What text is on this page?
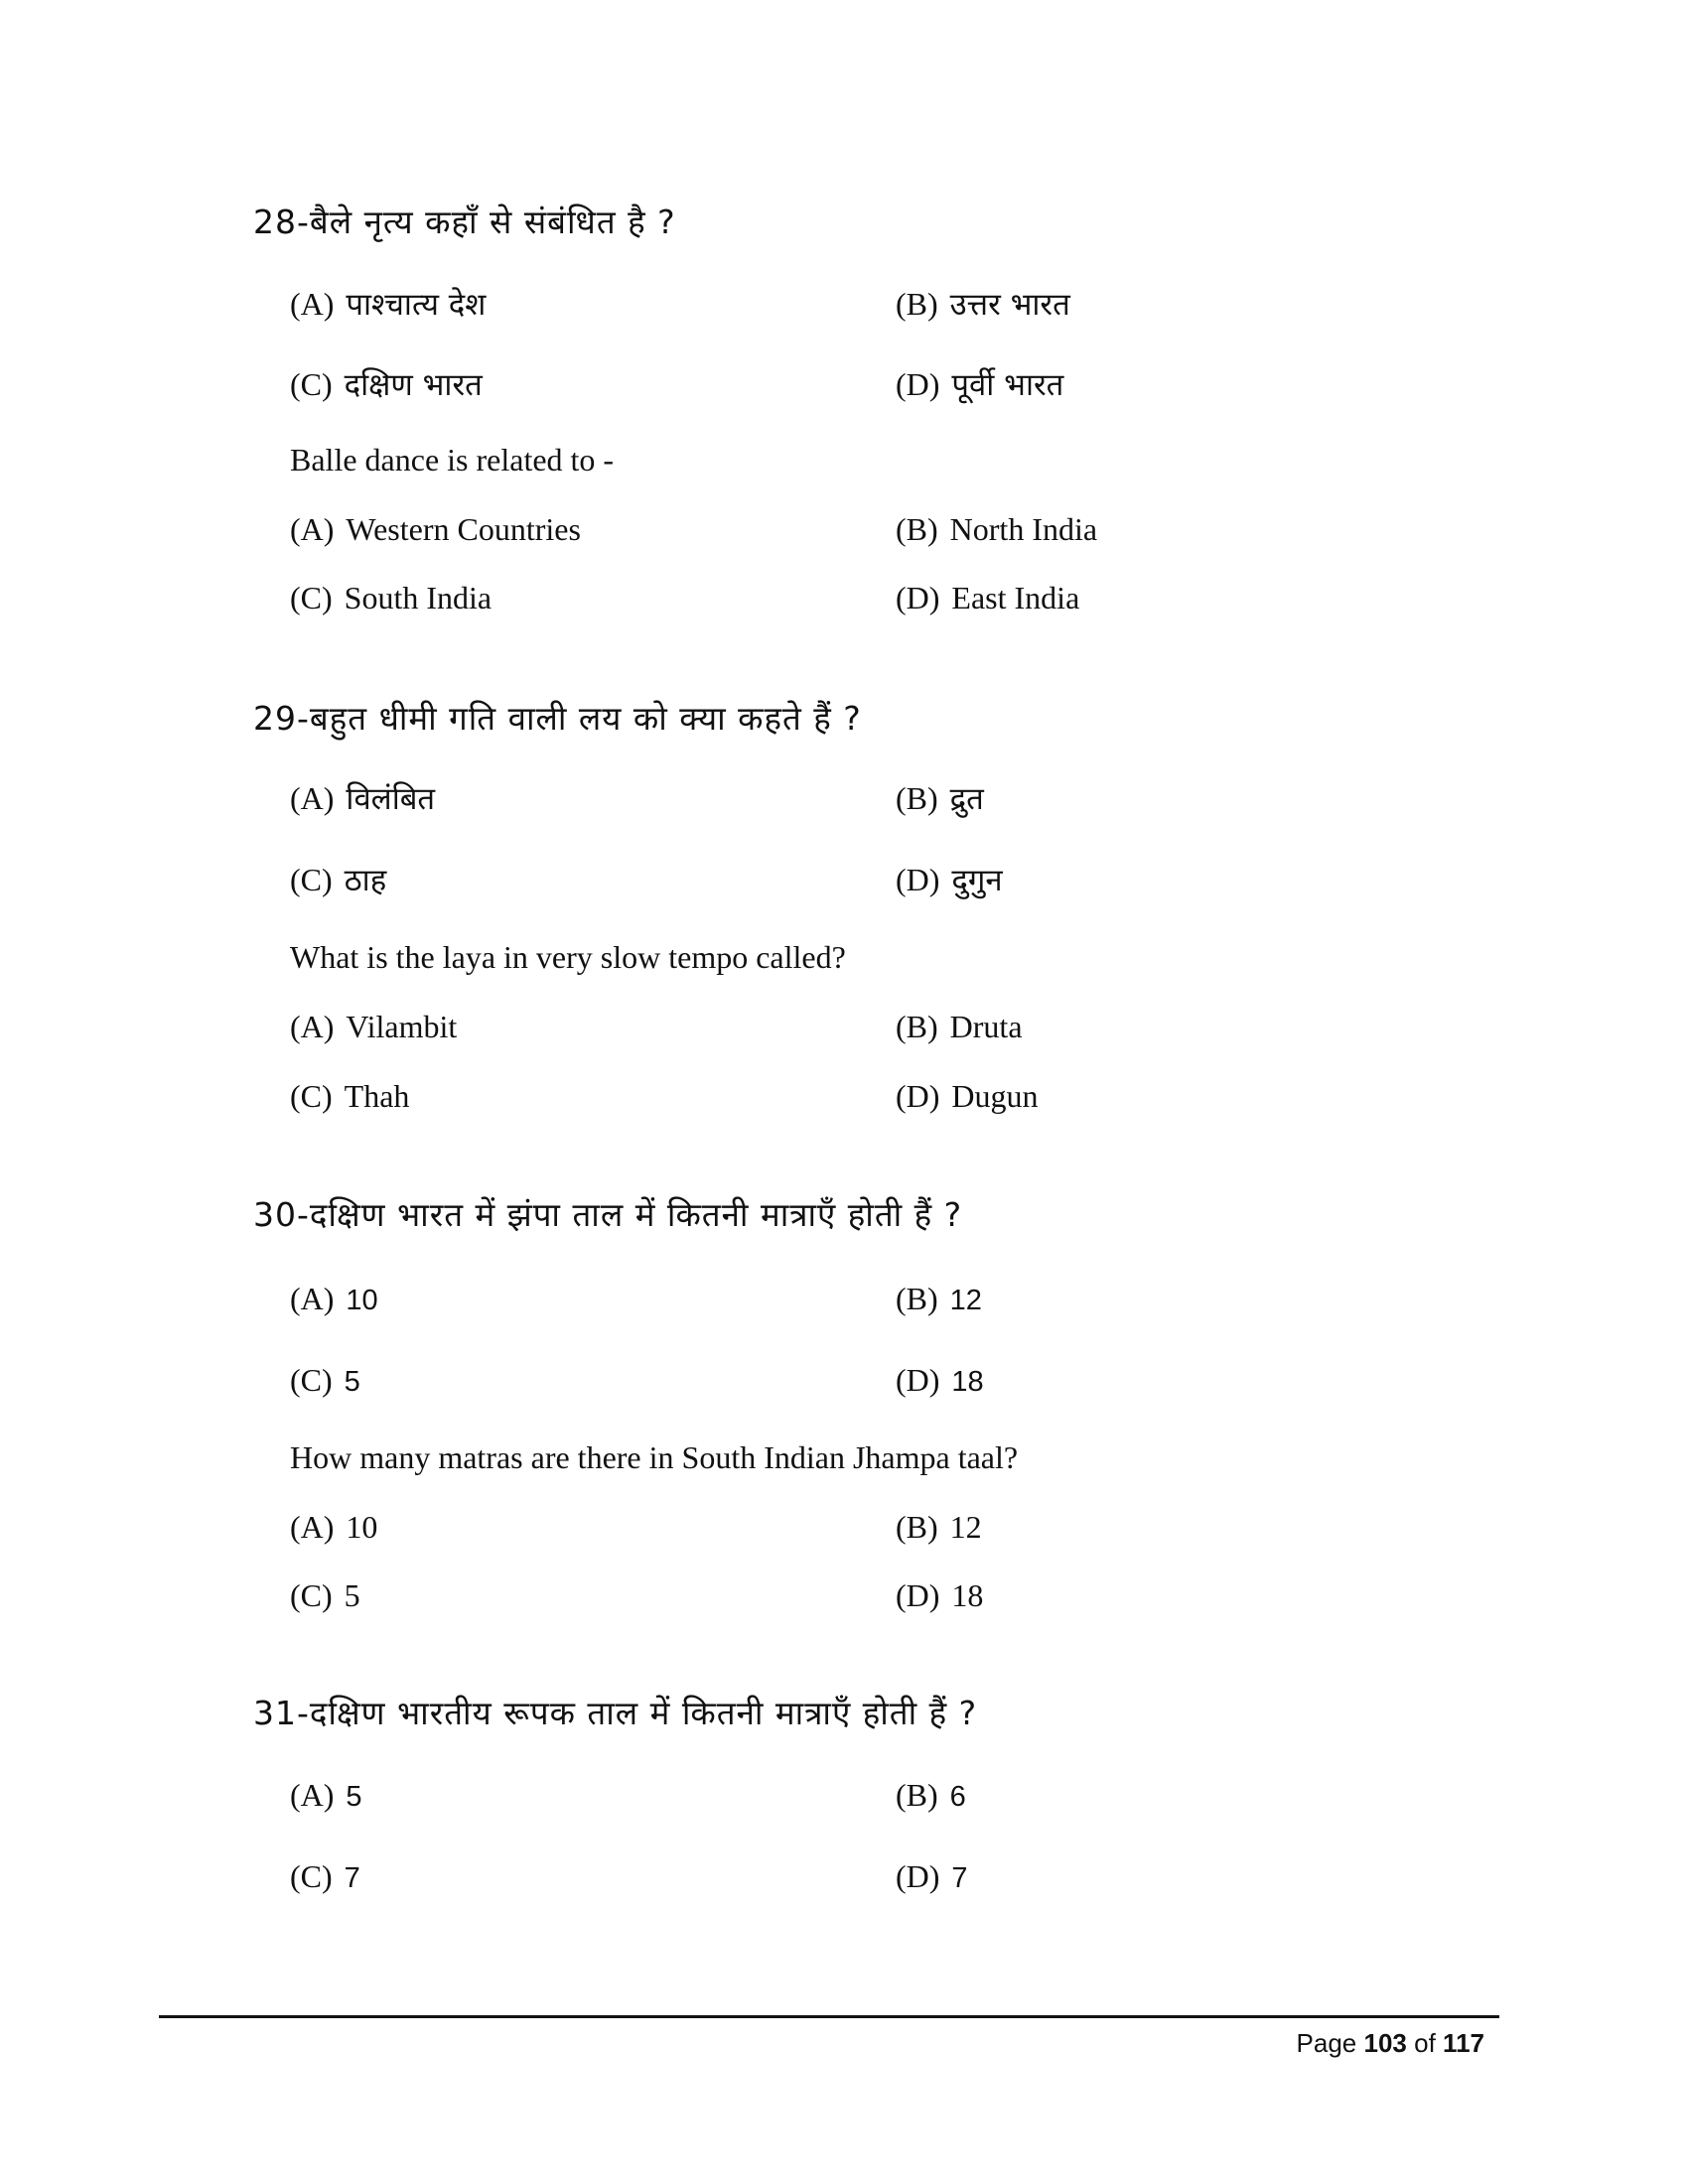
28-बैले नृत्य कहाँ से संबंधित है ?
(A) पाश्चात्य देश	(B) उत्तर भारत
(C) दक्षिण भारत	(D) पूर्वी भारत
Balle dance is related to -
(A) Western Countries	(B) North India
(C) South India	(D) East India
29-बहुत धीमी गति वाली लय को क्या कहते हैं ?
(A) विलंबित	(B) द्रुत
(C) ठाह	(D) दुगुन
What is the laya in very slow tempo called?
(A) Vilambit	(B) Druta
(C) Thah	(D) Dugun
30-दक्षिण भारत में झंपा ताल में कितनी मात्राएँ होती हैं ?
(A) 10	(B) 12
(C) 5	(D) 18
How many matras are there in South Indian Jhampa taal?
(A) 10	(B) 12
(C) 5	(D) 18
31-दक्षिण भारतीय रूपक ताल में कितनी मात्राएँ होती हैं ?
(A) 5	(B) 6
(C) 7	(D) 7
Page 103 of 117
